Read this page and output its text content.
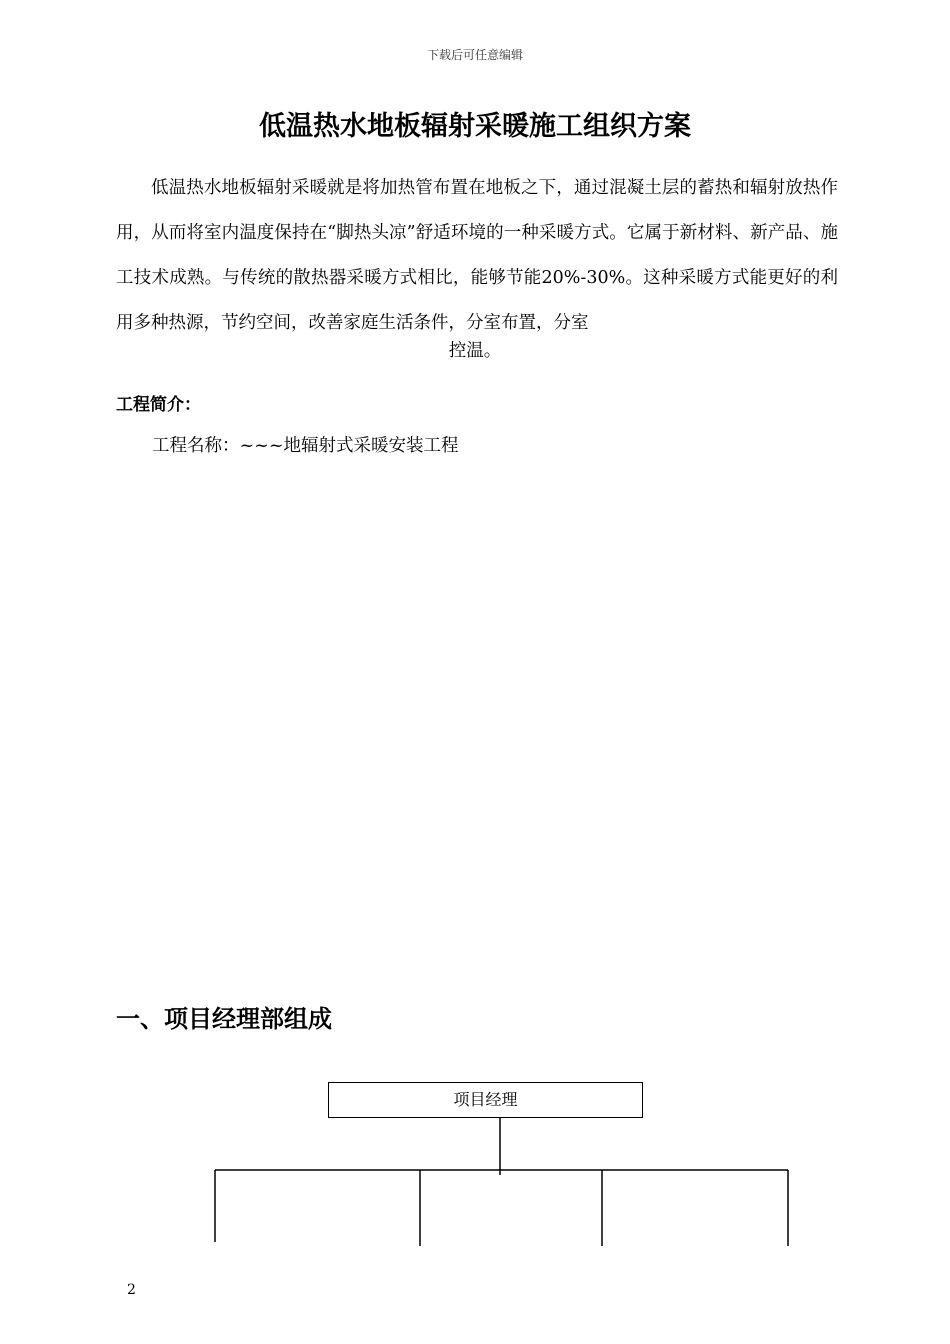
下载后可任意编辑
低温热水地板辐射采暖施工组织方案
低温热水地板辐射采暖就是将加热管布置在地板之下，通过混凝土层的蓄热和辐射放热作用，从而将室内温度保持在“脚热头凉”舒适环境的一种采暖方式。它属于新材料、新产品、施工技术成熟。与传统的散热器采暖方式相比，能够节能20%-30%。这种采暖方式能更好的利用多种热源，节约空间，改善家庭生活条件，分室布置，分室
控温。
工程简介：
工程名称：~~~地辐射式采暖安装工程
一、项目经理部组成
项目经理
2
